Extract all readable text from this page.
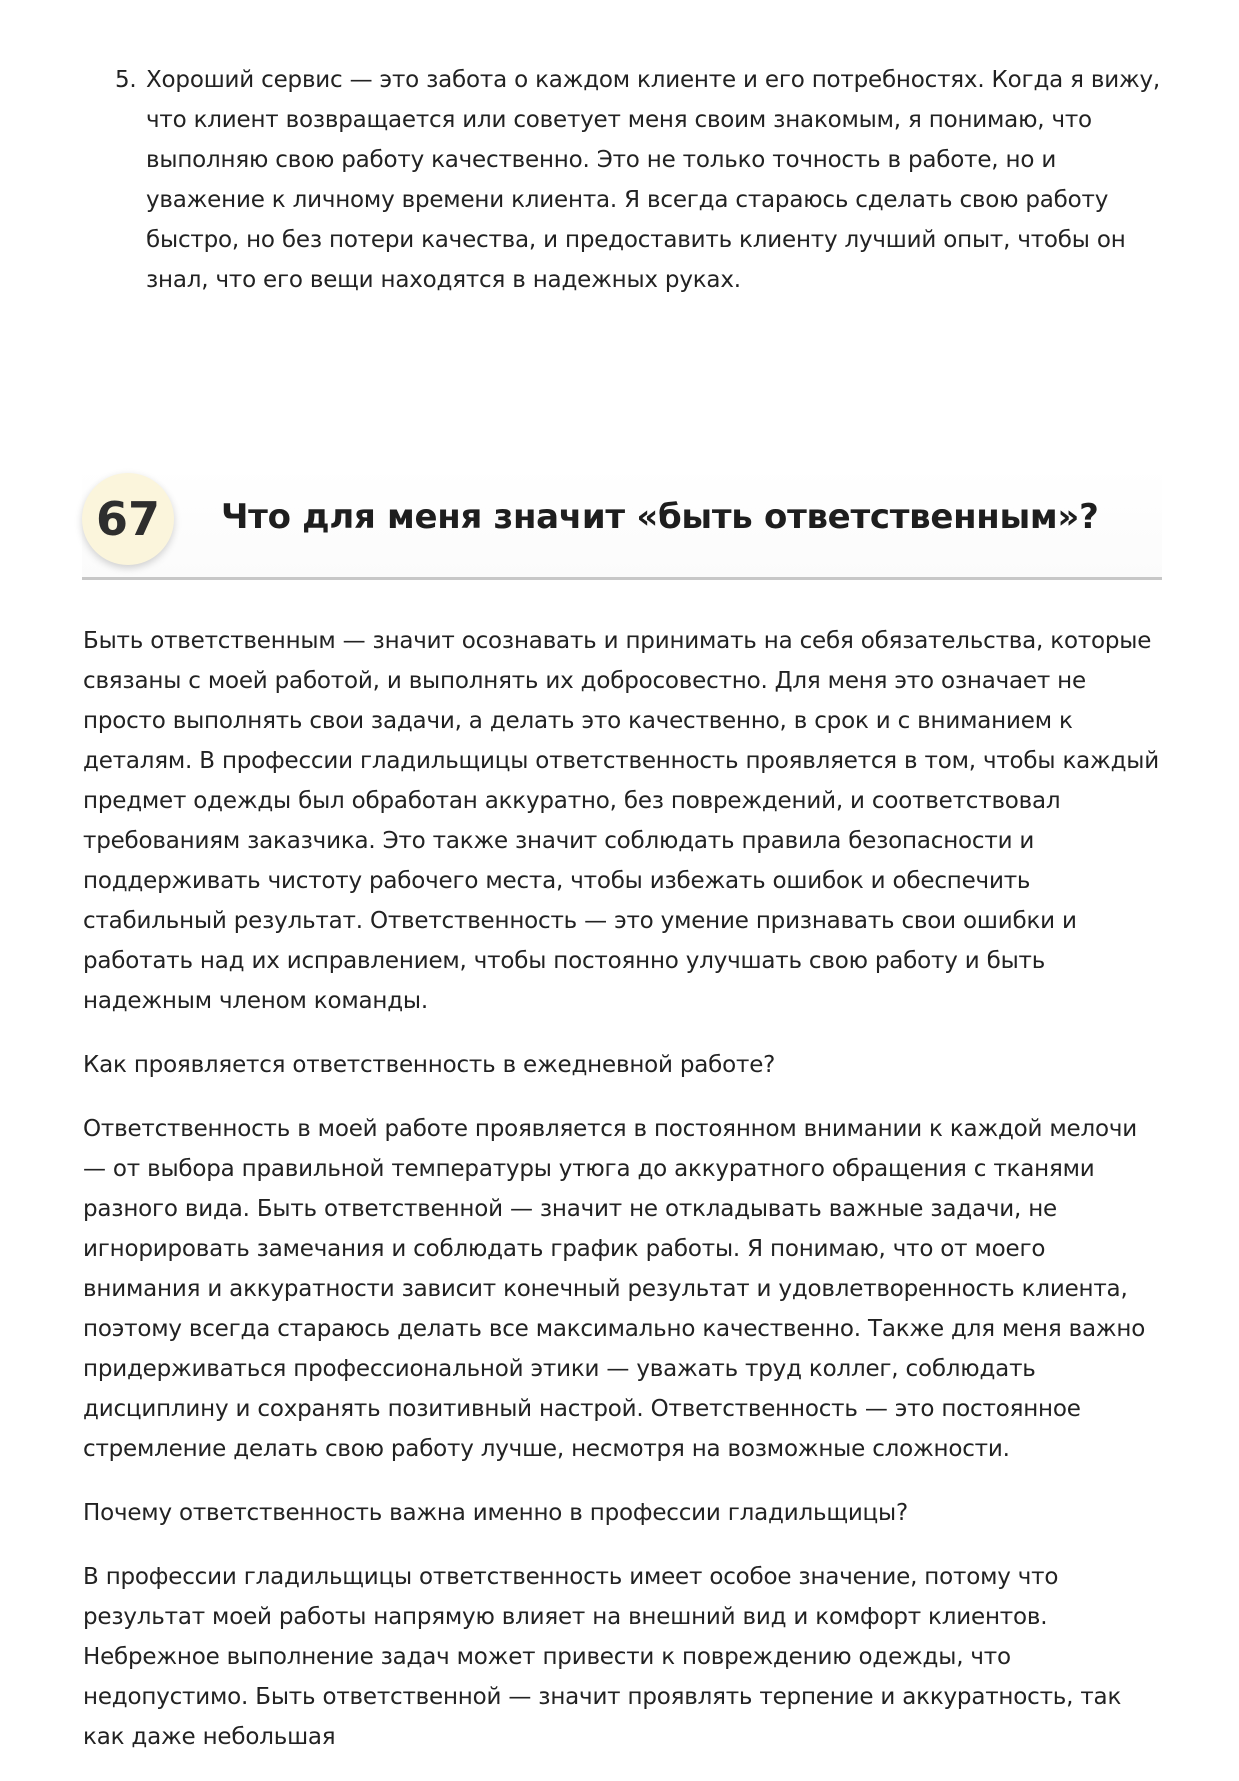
5. Хороший сервис — это забота о каждом клиенте и его потребностях. Когда я вижу, что клиент возвращается или советует меня своим знакомым, я понимаю, что выполняю свою работу качественно. Это не только точность в работе, но и уважение к личному времени клиента. Я всегда стараюсь сделать свою работу быстро, но без потери качества, и предоставить клиенту лучший опыт, чтобы он знал, что его вещи находятся в надежных руках.
67	Что для меня значит «быть ответственным»?

Быть ответственным — значит осознавать и принимать на себя обязательства, которые связаны с моей работой, и выполнять их добросовестно. Для меня это означает не просто выполнять свои задачи, а делать это качественно, в срок и с вниманием к деталям. В профессии гладильщицы ответственность проявляется в том, чтобы каждый предмет одежды был обработан аккуратно, без повреждений, и соответствовал требованиям заказчика. Это также значит соблюдать правила безопасности и поддерживать чистоту рабочего места, чтобы избежать ошибок и обеспечить стабильный результат. Ответственность — это умение признавать свои ошибки и работать над их исправлением, чтобы постоянно улучшать свою работу и быть надежным членом команды.

Как проявляется ответственность в ежедневной работе?

Ответственность в моей работе проявляется в постоянном внимании к каждой мелочи — от выбора правильной температуры утюга до аккуратного обращения с тканями разного вида. Быть ответственной — значит не откладывать важные задачи, не игнорировать замечания и соблюдать график работы. Я понимаю, что от моего внимания и аккуратности зависит конечный результат и удовлетворенность клиента, поэтому всегда стараюсь делать все максимально качественно. Также для меня важно придерживаться профессиональной этики — уважать труд коллег, соблюдать дисциплину и сохранять позитивный настрой. Ответственность — это постоянное стремление делать свою работу лучше, несмотря на возможные сложности.

Почему ответственность важна именно в профессии гладильщицы?

В профессии гладильщицы ответственность имеет особое значение, потому что результат моей работы напрямую влияет на внешний вид и комфорт клиентов. Небрежное выполнение задач может привести к повреждению одежды, что недопустимо. Быть ответственной — значит проявлять терпение и аккуратность, так как даже небольшая
